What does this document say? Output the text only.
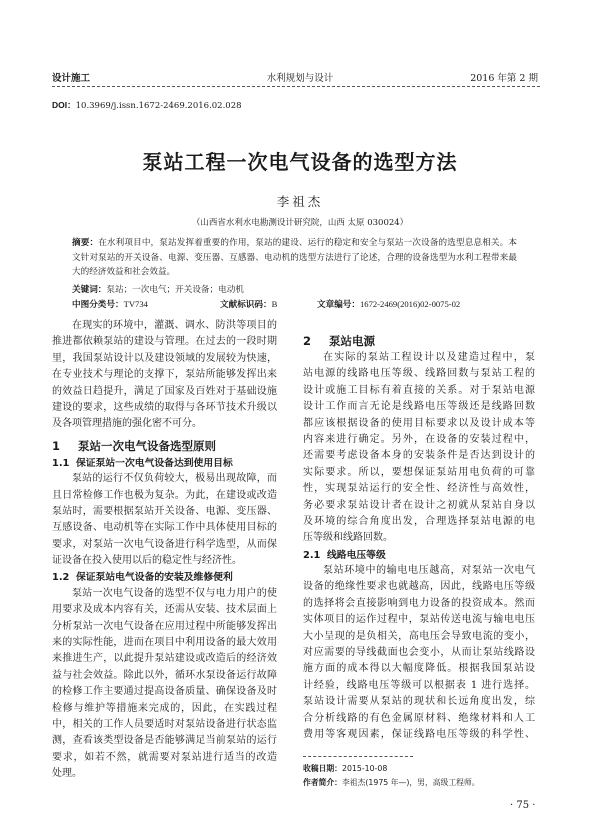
设计施工	水利规划与设计	2016 年第 2 期
DOI：10.3969/j.issn.1672-2469.2016.02.028
泵站工程一次电气设备的选型方法
李祖杰
（山西省水利水电勘测设计研究院，山西 太原 030024）
摘要：在水利项目中，泵站发挥着重要的作用，泵站的建设、运行的稳定和安全与泵站一次设备的选型息息相关。本文针对泵站的开关设备、电源、变压器、互感器、电动机的选型方法进行了论述，合理的设备选型为水利工程带来最大的经济效益和社会效益。
关键词：泵站；一次电气；开关设备；电动机
中图分类号：TV734	文献标识码：B	文章编号：1672-2469(2016)02-0075-02
在现实的环境中，灌溉、调水、防洪等项目的
推进都依赖泵站的建设与管理。在过去的一段时期
里，我国泵站设计以及建设领域的发展较为快速，
在专业技术与理论的支撑下，泵站所能够发挥出来
的效益日趋提升，满足了国家及百姓对于基础设施
建设的要求，这些成绩的取得与各环节技术升级以
及各项管理措施的强化密不可分。
1 泵站一次电气设备选型原则
1.1 保证泵站一次电气设备达到使用目标
泵站的运行不仅负荷较大，极易出现故障，而
且日常检修工作也极为复杂。为此，在建设或改造
泵站时，需要根据泵站开关设备、电源、变压器、
互感设备、电动机等在实际工作中具体使用目标的
要求，对泵站一次电气设备进行科学选型，从而保
证设备在投入使用以后的稳定性与经济性。
1.2 保证泵站电气设备的安装及维修便利
泵站一次电气设备的选型不仅与电力用户的使
用要求及成本内容有关，还需从安装、技术层面上
分析泵站一次电气设备在应用过程中所能够发挥出
来的实际性能，进而在项目中利用设备的最大效用
来推进生产，以此提升泵站建设或改造后的经济效
益与社会效益。除此以外，循环水泵设备运行故障
的检修工作主要通过提高设备质量、确保设备及时
检修与维护等措施来完成的，因此，在实践过程
中，相关的工作人员要适时对泵站设备进行状态监
测，查看该类型设备是否能够满足当前泵站的运行
要求，如若不然，就需要对泵站进行适当的改造
处理。
2 泵站电源
在实际的泵站工程设计以及建造过程中，泵
站电源的线路电压等级、线路回数与泵站工程的
设计或施工目标有着直接的关系。对于泵站电源
设计工作而言无论是线路电压等级还是线路回数
都应该根据设备的使用目标要求以及设计成本等
内容来进行确定。另外，在设备的安装过程中，
还需要考虑设备本身的安装条件是否达到设计的
实际要求。所以，要想保证泵站用电负荷的可靠
性，实现泵站运行的安全性、经济性与高效性，
务必要求泵站设计者在设计之初就从泵站自身以
及环境的综合角度出发，合理选择泵站电源的电
压等级和线路回数。
2.1 线路电压等级
泵站环境中的输电电压越高，对泵站一次电气
设备的绝缘性要求也就越高，因此，线路电压等级
的选择将会直接影响到电力设备的投资成本。然而
实体项目的运作过程中，泵站传送电流与输电电压
大小呈现的是负相关，高电压会导致电流的变小，
对应需要的导线截面也会变小，从而让泵站线路设
施方面的成本得以大幅度降低。根据我国泵站设
计经验，线路电压等级可以根据表 1 进行选择。
泵站设计需要从泵站的现状和长远角度出发，综
合分析线路的有色金属原材料、绝缘材料和人工
费用等客观因素，保证线路电压等级的科学性、
收稿日期：2015-10-08
作者简介：李祖杰(1975 年—)，男，高级工程师。
· 75 ·
